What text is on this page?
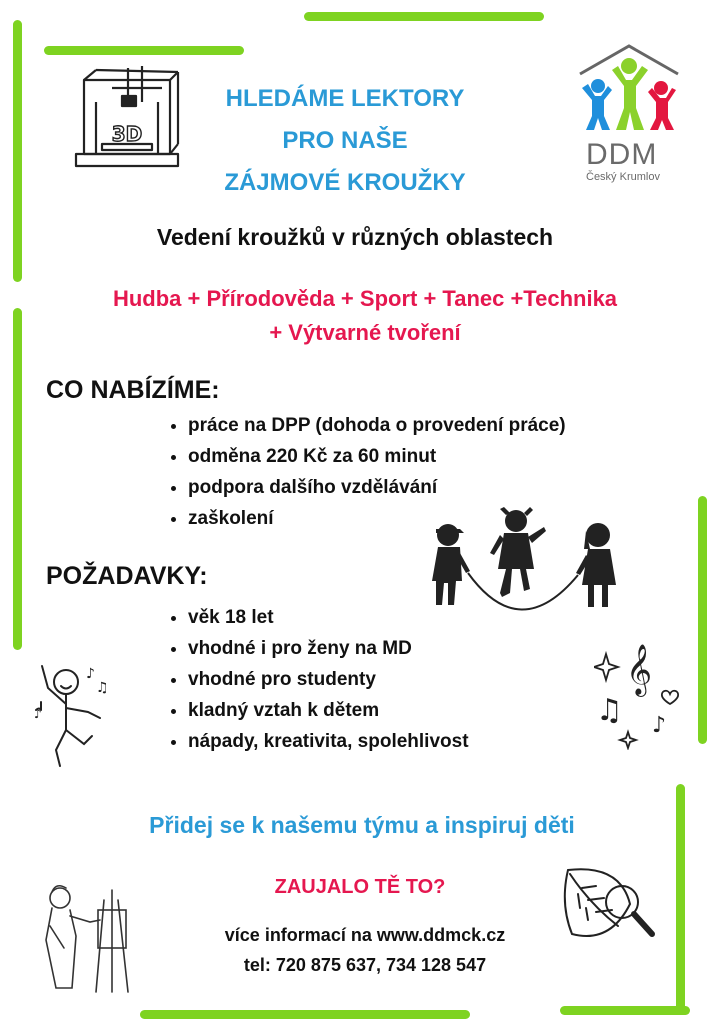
3D
DDM
Český Krumlov
HLEDÁME LEKTORY
PRO NAŠE
ZÁJMOVÉ KROUŽKY
Vedení kroužků v různých oblastech
Hudba + Přírodověda + Sport + Tanec +Technika
+ Výtvarné tvoření
CO NABÍZÍME:
• práce na DPP (dohoda o provedení práce)
• odměna 220 Kč za 60 minut
• podpora dalšího vzdělávání
• zaškolení
POŽADAVKY:
• věk 18 let
• vhodné i pro ženy na MD
• vhodné pro studenty
• kladný vztah k dětem
• nápady, kreativita, spolehlivost
♪
♫
♪
𝄞
♫ ♪
Přidej se k našemu týmu a inspiruj děti
ZAUJALO TĚ TO?
více informací na www.ddmck.cz
tel: 720 875 637, 734 128 547
